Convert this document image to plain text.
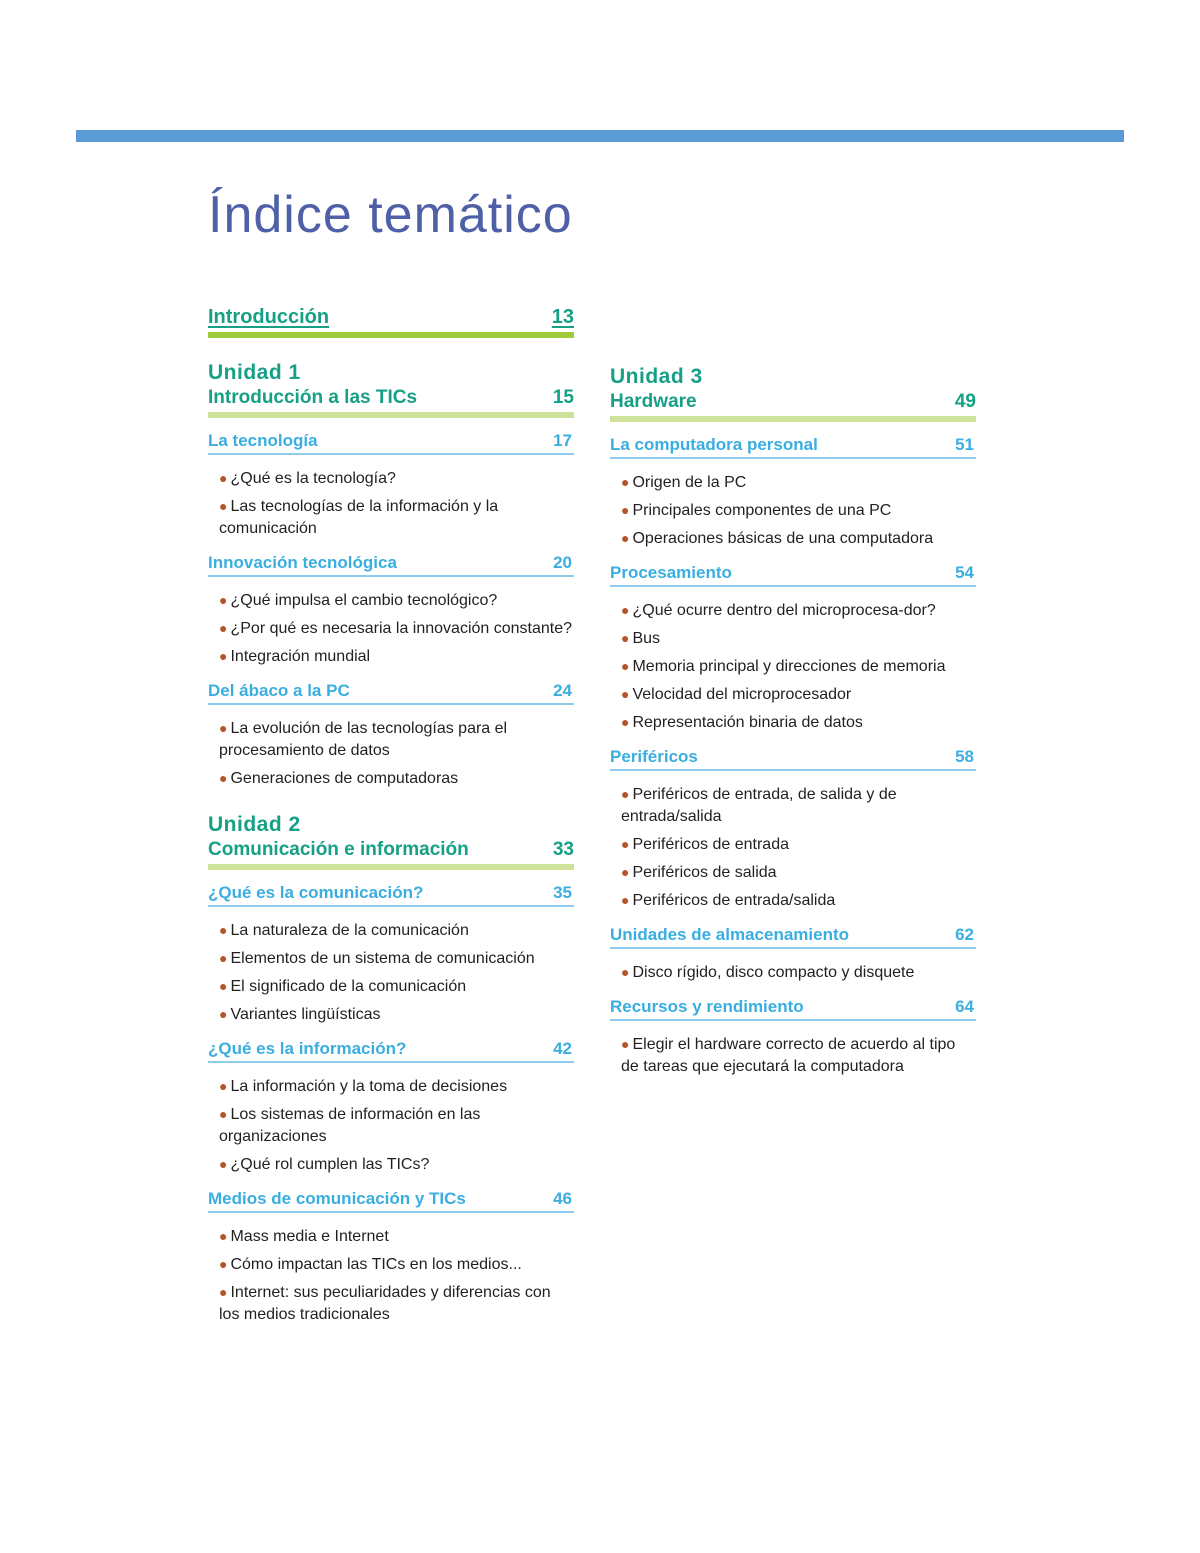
Índice temático
Introducción	13
Unidad 1
Introducción a las TICs	15
La tecnología	17
● ¿Qué es la tecnología?
● Las tecnologías de la información y la comunicación
Innovación tecnológica	20
● ¿Qué impulsa el cambio tecnológico?
● ¿Por qué es necesaria la innovación constante?
● Integración mundial
Del ábaco a la PC	24
● La evolución de las tecnologías para el procesamiento de datos
● Generaciones de computadoras
Unidad 2
Comunicación e información	33
¿Qué es la comunicación?	35
● La naturaleza de la comunicación
● Elementos de un sistema de comunicación
● El significado de la comunicación
● Variantes lingüísticas
¿Qué es la información?	42
● La información y la toma de decisiones
● Los sistemas de información en las organizaciones
● ¿Qué rol cumplen las TICs?
Medios de comunicación y TICs	46
● Mass media e Internet
● Cómo impactan las TICs en los medios...
● Internet: sus peculiaridades y diferencias con los medios tradicionales
Unidad 3
Hardware	49
La computadora personal	51
● Origen de la PC
● Principales componentes de una PC
● Operaciones básicas de una computadora
Procesamiento	54
● ¿Qué ocurre dentro del microprocesa-dor?
● Bus
● Memoria principal y direcciones de memoria
● Velocidad del microprocesador
● Representación binaria de datos
Periféricos	58
● Periféricos de entrada, de salida y de entrada/salida
● Periféricos de entrada
● Periféricos de salida
● Periféricos de entrada/salida
Unidades de almacenamiento	62
● Disco rígido, disco compacto y disquete
Recursos y rendimiento	64
● Elegir el hardware correcto de acuerdo al tipo de tareas que ejecutará la computadora
